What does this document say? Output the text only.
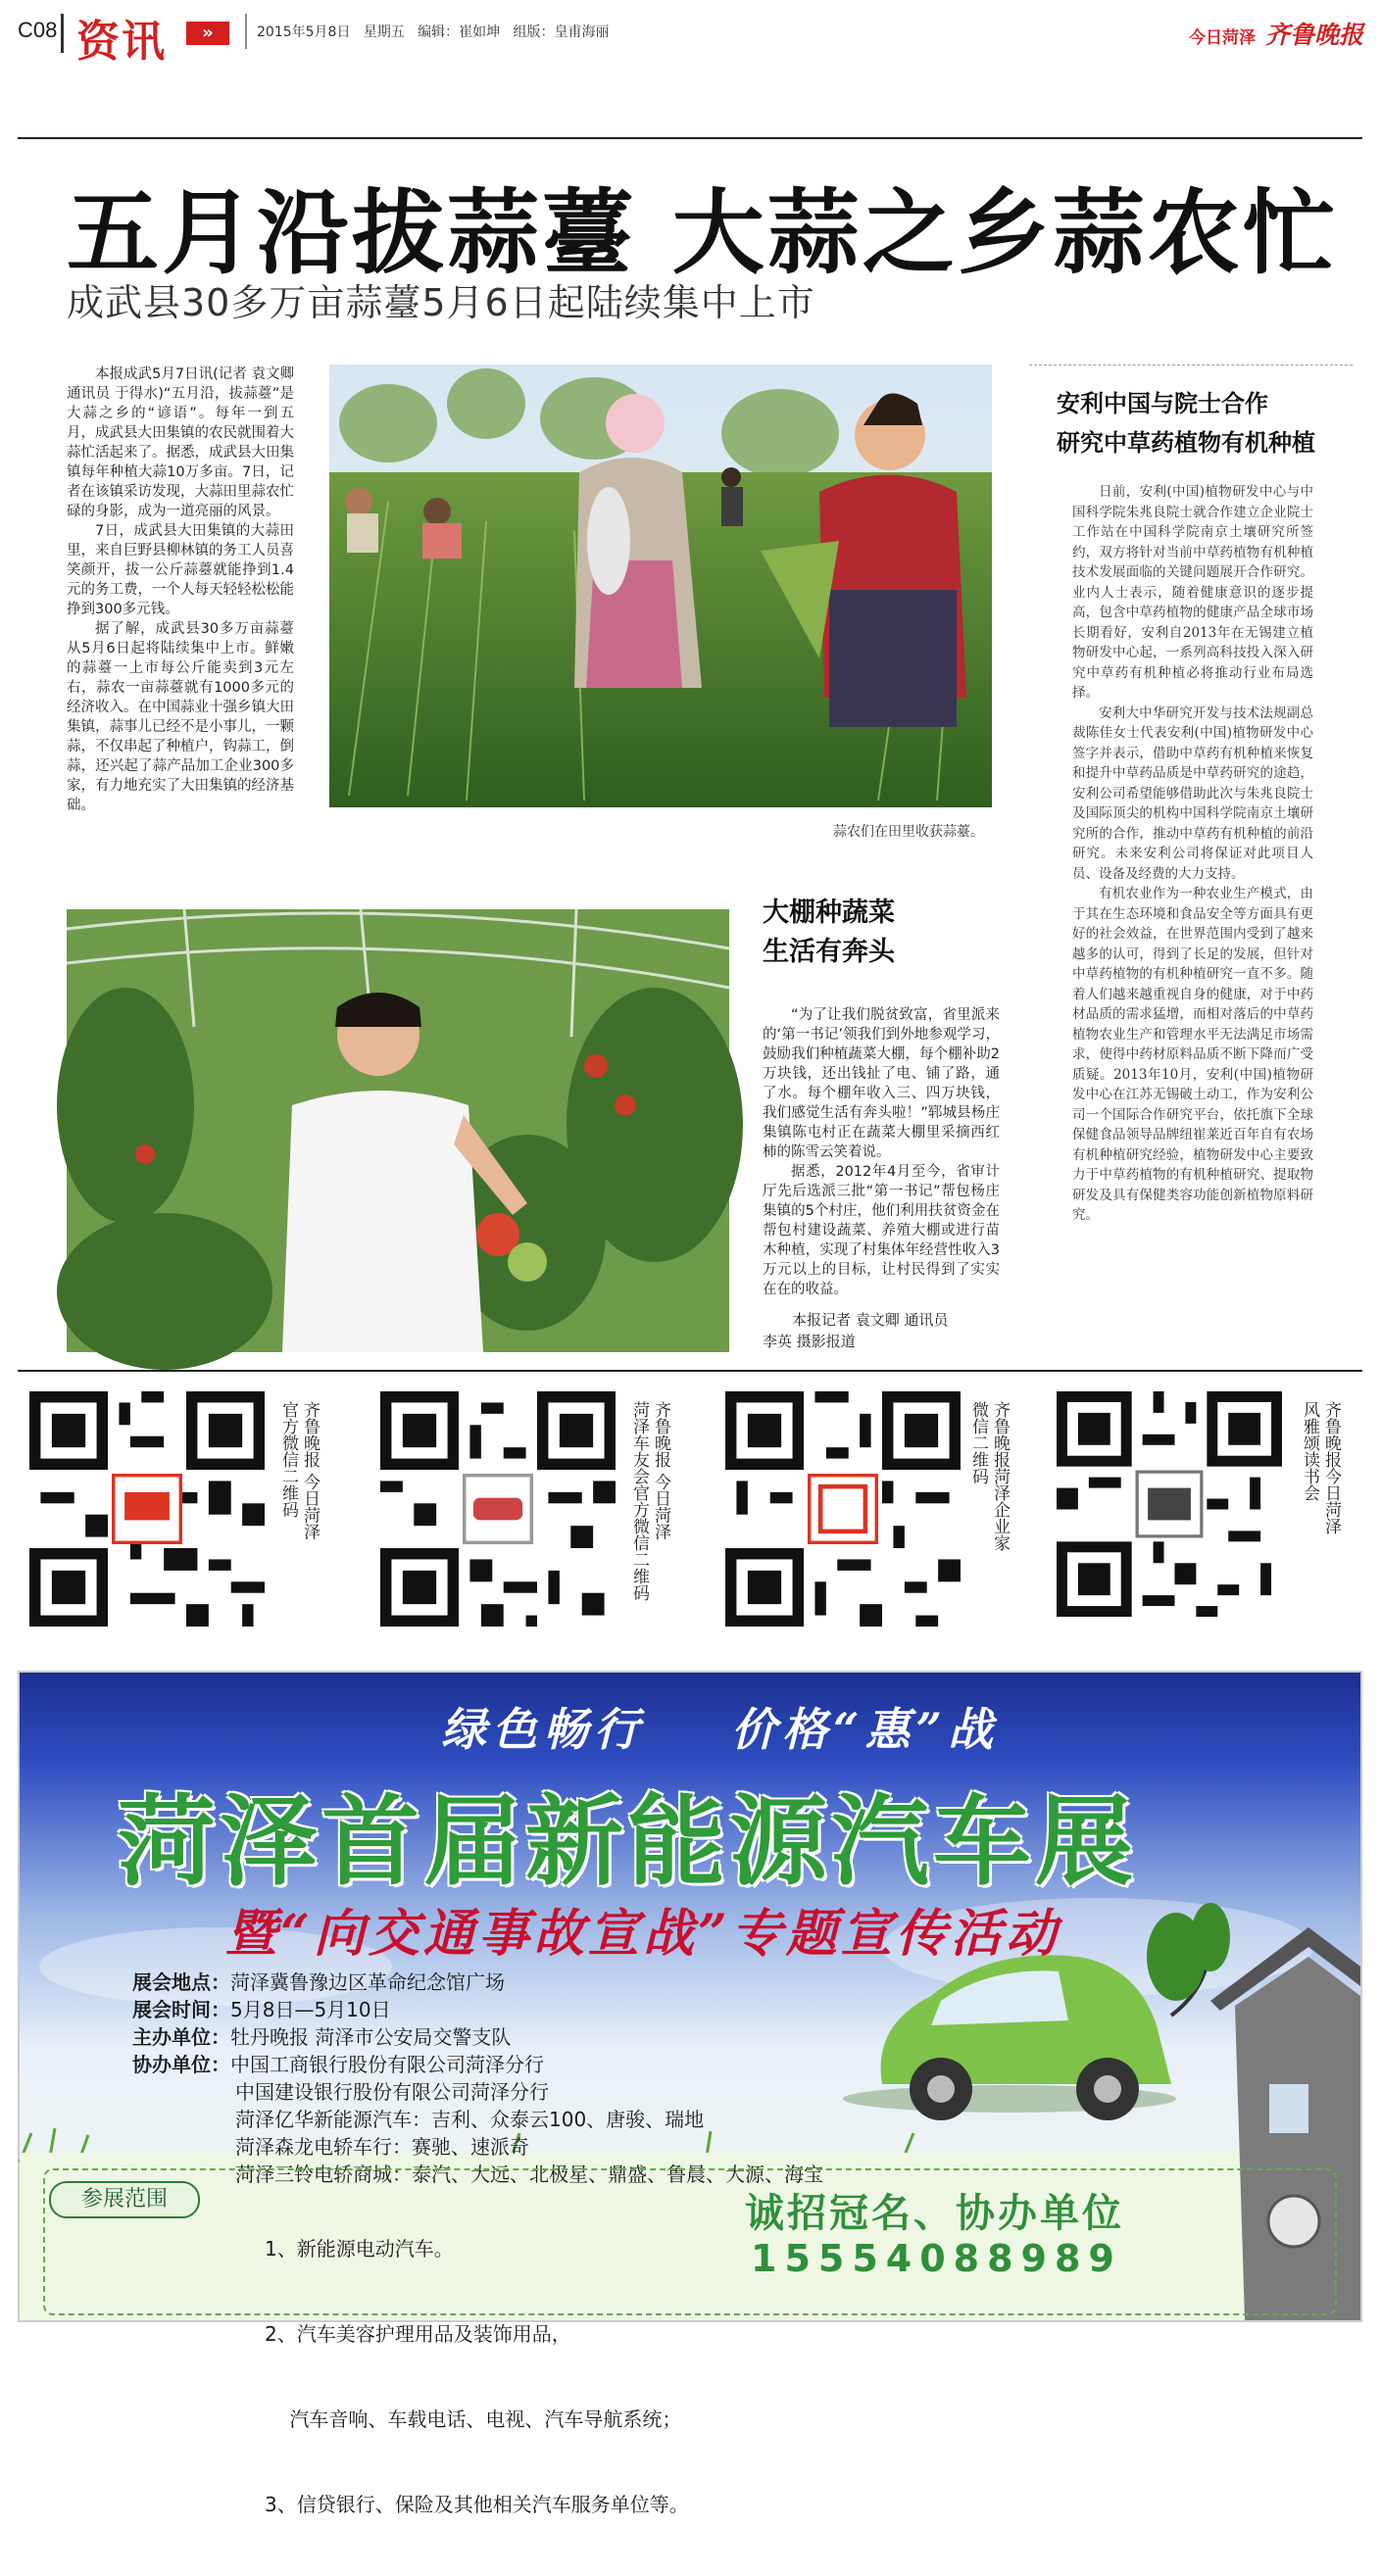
C08 资讯	»	2015年5月8日   星期五   编辑：崔如坤   组版：皇甫海丽	今日菏泽 齐鲁晚报
五月沿拔蒜薹 大蒜之乡蒜农忙
成武县30多万亩蒜薹5月6日起陆续集中上市

本报成武5月7日讯(记者 袁文卿 通讯员 于得水)“五月沿，拔蒜薹”是大蒜之乡的“谚语”。每年一到五月，成武县大田集镇的农民就围着大蒜忙活起来了。据悉，成武县大田集镇每年种植大蒜10万多亩。7日，记者在该镇采访发现，大蒜田里蒜农忙碌的身影，成为一道亮丽的风景。

7日，成武县大田集镇的大蒜田里，来自巨野县柳林镇的务工人员喜笑颜开，拔一公斤蒜薹就能挣到1.4元的务工费，一个人每天轻轻松松能挣到300多元钱。

据了解，成武县30多万亩蒜薹从5月6日起将陆续集中上市。鲜嫩的蒜薹一上市每公斤能卖到3元左右，蒜农一亩蒜薹就有1000多元的经济收入。在中国蒜业十强乡镇大田集镇，蒜事儿已经不是小事儿，一颗蒜，不仅串起了种植户，钩蒜工，倒蒜，还兴起了蒜产品加工企业300多家，有力地充实了大田集镇的经济基础。

蒜农们在田里收获蒜薹。
大棚种蔬菜
生活有奔头

“为了让我们脱贫致富，省里派来的‘第一书记’领我们到外地参观学习，鼓励我们种植蔬菜大棚，每个棚补助2万块钱，还出钱扯了电、铺了路，通了水。每个棚年收入三、四万块钱，我们感觉生活有奔头啦！”郓城县杨庄集镇陈屯村正在蔬菜大棚里采摘西红柿的陈雪云笑着说。

据悉，2012年4月至今，省审计厅先后选派三批“第一书记”帮包杨庄集镇的5个村庄，他们利用扶贫资金在帮包村建设蔬菜、养殖大棚或进行苗木种植，实现了村集体年经营性收入3万元以上的目标，让村民得到了实实在在的收益。

本报记者 袁文卿 通讯员
李英 摄影报道
安利中国与院士合作
研究中草药植物有机种植

日前，安利(中国)植物研发中心与中国科学院朱兆良院士就合作建立企业院士工作站在中国科学院南京土壤研究所签约，双方将针对当前中草药植物有机种植技术发展面临的关键问题展开合作研究。业内人士表示，随着健康意识的逐步提高，包含中草药植物的健康产品全球市场长期看好，安利自2013年在无锡建立植物研发中心起，一系列高科技投入深入研究中草药有机种植必将推动行业布局选择。

安利大中华研究开发与技术法规副总裁陈佳女士代表安利(中国)植物研发中心签字并表示，借助中草药有机种植来恢复和提升中草药品质是中草药研究的途趋，安利公司希望能够借助此次与朱兆良院士及国际顶尖的机构中国科学院南京土壤研究所的合作，推动中草药有机种植的前沿研究。未来安利公司将保证对此项目人员、设备及经费的大力支持。

有机农业作为一种农业生产模式，由于其在生态环境和食品安全等方面具有更好的社会效益，在世界范围内受到了越来越多的认可，得到了长足的发展，但针对中草药植物的有机种植研究一直不多。随着人们越来越重视自身的健康，对于中药材品质的需求猛增，而相对落后的中草药植物农业生产和管理水平无法满足市场需求，使得中药材原料品质不断下降而广受质疑。2013年10月，安利(中国)植物研发中心在江苏无锡破土动工，作为安利公司一个国际合作研究平台，依托旗下全球保健食品领导品牌纽崔莱近百年自有农场有机种植研究经验，植物研发中心主要致力于中草药植物的有机种植研究、提取物研发及具有保健类容功能创新植物原料研究。

齐鲁晚报 今日菏泽
官方微信二维码	齐鲁晚报 今日菏泽
菏泽车友会官方微信二维码	齐鲁晚报菏泽企业家
微信二维码	齐鲁晚报今日菏泽
风雅颂读书会
绿色畅行    价格“惠”战
菏泽首届新能源汽车展
暨“向交通事故宣战”专题宣传活动
展会地点：菏泽冀鲁豫边区革命纪念馆广场
展会时间：5月8日—5月10日
主办单位：牡丹晚报 菏泽市公安局交警支队
协办单位：中国工商银行股份有限公司菏泽分行
中国建设银行股份有限公司菏泽分行
菏泽亿华新能源汽车：吉利、众泰云100、唐骏、瑞地
菏泽森龙电轿车行：赛驰、速派奇
菏泽三铃电轿商城：泰汽、大远、北极星、鼎盛、鲁晨、大源、海宝
参展范围

1、新能源电动汽车。

2、汽车美容护理用品及装饰用品，

汽车音响、车载电话、电视、汽车导航系统；

3、信贷银行、保险及其他相关汽车服务单位等。

诚招冠名、协办单位
15554088989
